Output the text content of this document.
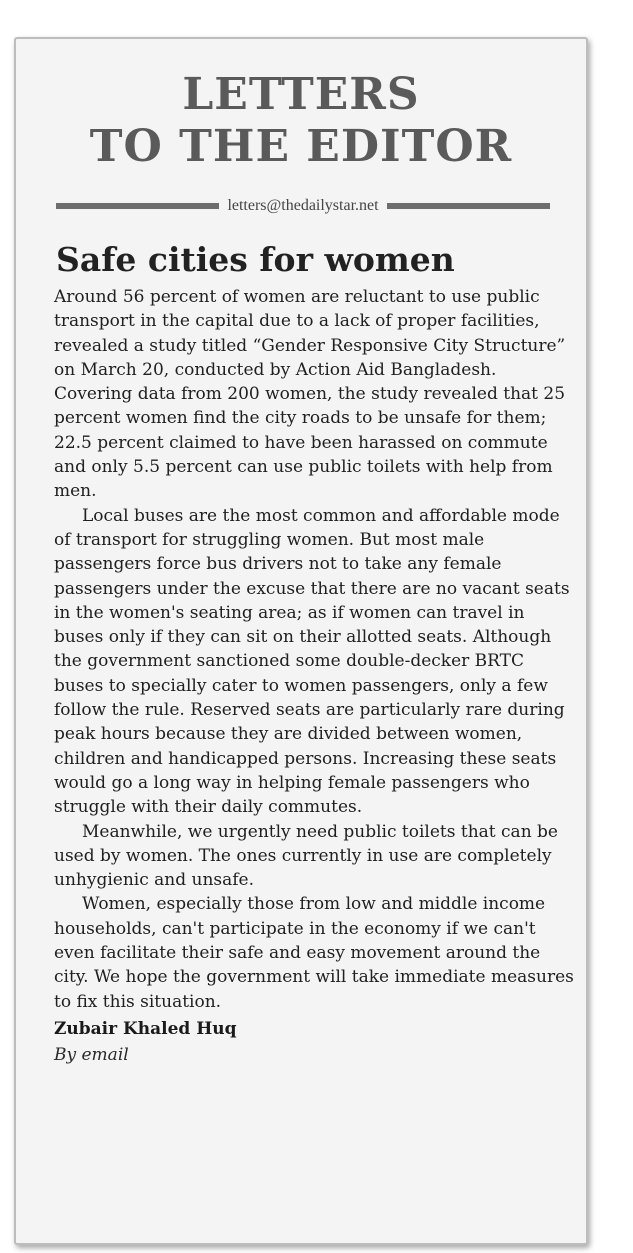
LETTERS
TO THE EDITOR
letters@thedailystar.net
Safe cities for women

Around 56 percent of women are reluctant to use public transport in the capital due to a lack of proper facilities, revealed a study titled “Gender Responsive City Structure” on March 20, conducted by Action Aid Bangladesh. Covering data from 200 women, the study revealed that 25 percent women find the city roads to be unsafe for them; 22.5 percent claimed to have been harassed on commute and only 5.5 percent can use public toilets with help from men.

Local buses are the most common and affordable mode of transport for struggling women. But most male passengers force bus drivers not to take any female passengers under the excuse that there are no vacant seats in the women's seating area; as if women can travel in buses only if they can sit on their allotted seats. Although the government sanctioned some double-decker BRTC buses to specially cater to women passengers, only a few follow the rule. Reserved seats are particularly rare during peak hours because they are divided between women, children and handicapped persons. Increasing these seats would go a long way in helping female passengers who struggle with their daily commutes.

Meanwhile, we urgently need public toilets that can be used by women. The ones currently in use are completely unhygienic and unsafe.

Women, especially those from low and middle income households, can't participate in the economy if we can't even facilitate their safe and easy movement around the city. We hope the government will take immediate measures to fix this situation.

Zubair Khaled Huq
By email
